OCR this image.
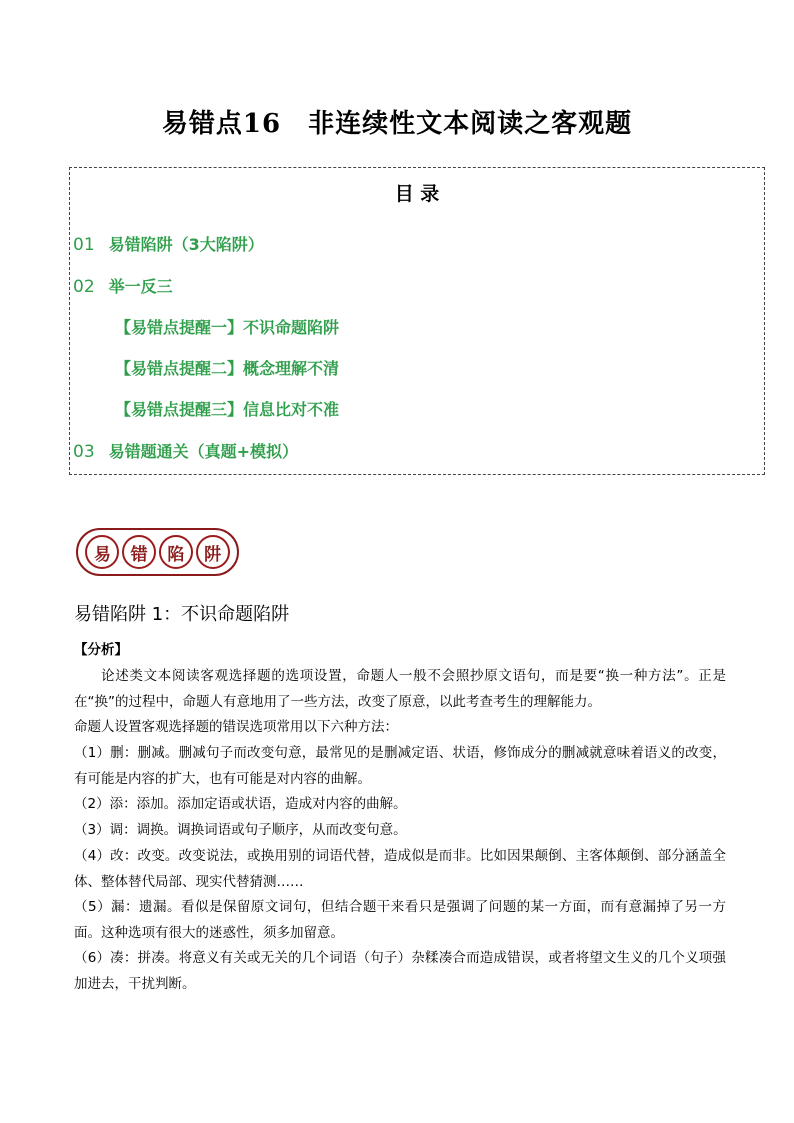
易错点16　非连续性文本阅读之客观题
目 录
01 易错陷阱（3大陷阱）
02 举一反三
【易错点提醒一】不识命题陷阱
【易错点提醒二】概念理解不清
【易错点提醒三】信息比对不准
03 易错题通关（真题+模拟）
易	错	陷	阱
易错陷阱 1：不识命题陷阱
【分析】
论述类文本阅读客观选择题的选项设置，命题人一般不会照抄原文语句，而是要“换一种方法”。正是在“换”的过程中，命题人有意地用了一些方法，改变了原意，以此考查考生的理解能力。
命题人设置客观选择题的错误选项常用以下六种方法：
（1）删：删减。删减句子而改变句意，最常见的是删减定语、状语，修饰成分的删减就意味着语义的改变，有可能是内容的扩大，也有可能是对内容的曲解。
（2）添：添加。添加定语或状语，造成对内容的曲解。
（3）调：调换。调换词语或句子顺序，从而改变句意。
（4）改：改变。改变说法，或换用别的词语代替，造成似是而非。比如因果颠倒、主客体颠倒、部分涵盖全体、整体替代局部、现实代替猜测……
（5）漏：遗漏。看似是保留原文词句，但结合题干来看只是强调了问题的某一方面，而有意漏掉了另一方面。这种选项有很大的迷惑性，须多加留意。
（6）凑：拼凑。将意义有关或无关的几个词语（句子）杂糅凑合而造成错误，或者将望文生义的几个义项强加进去，干扰判断。
